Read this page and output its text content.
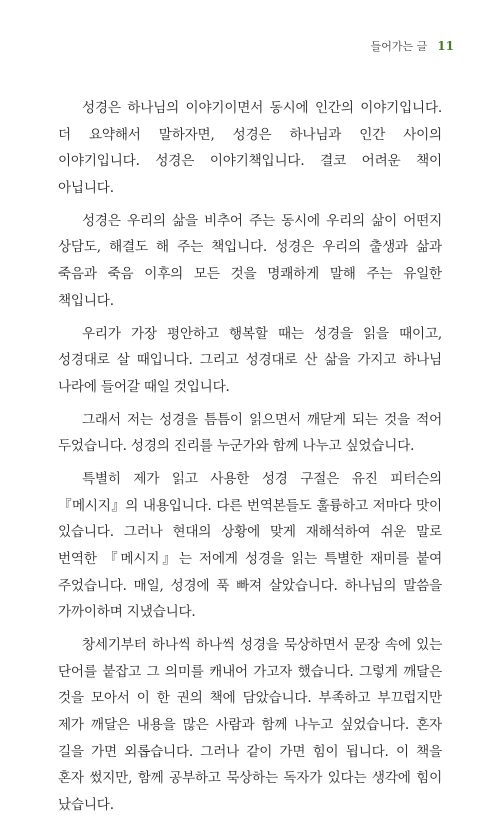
들어가는 글 11

성경은 하나님의 이야기이면서 동시에 인간의 이야기입니다. 더 요약해서 말하자면, 성경은 하나님과 인간 사이의 이야기입니다. 성경은 이야기책입니다. 결코 어려운 책이 아닙니다.

성경은 우리의 삶을 비추어 주는 동시에 우리의 삶이 어떤지 상담도, 해결도 해 주는 책입니다. 성경은 우리의 출생과 삶과 죽음과 죽음 이후의 모든 것을 명쾌하게 말해 주는 유일한 책입니다.

우리가 가장 평안하고 행복할 때는 성경을 읽을 때이고, 성경대로 살 때입니다. 그리고 성경대로 산 삶을 가지고 하나님 나라에 들어갈 때일 것입니다.

그래서 저는 성경을 틈틈이 읽으면서 깨닫게 되는 것을 적어 두었습니다. 성경의 진리를 누군가와 함께 나누고 싶었습니다.

특별히 제가 읽고 사용한 성경 구절은 유진 피터슨의 『메시지』의 내용입니다. 다른 번역본들도 훌륭하고 저마다 맛이 있습니다. 그러나 현대의 상황에 맞게 재해석하여 쉬운 말로 번역한 『메시지』는 저에게 성경을 읽는 특별한 재미를 붙여 주었습니다. 매일, 성경에 푹 빠져 살았습니다. 하나님의 말씀을 가까이하며 지냈습니다.

창세기부터 하나씩 하나씩 성경을 묵상하면서 문장 속에 있는 단어를 붙잡고 그 의미를 캐내어 가고자 했습니다. 그렇게 깨달은 것을 모아서 이 한 권의 책에 담았습니다. 부족하고 부끄럽지만 제가 깨달은 내용을 많은 사람과 함께 나누고 싶었습니다. 혼자 길을 가면 외롭습니다. 그러나 같이 가면 힘이 됩니다. 이 책을 혼자 썼지만, 함께 공부하고 묵상하는 독자가 있다는 생각에 힘이 났습니다.
